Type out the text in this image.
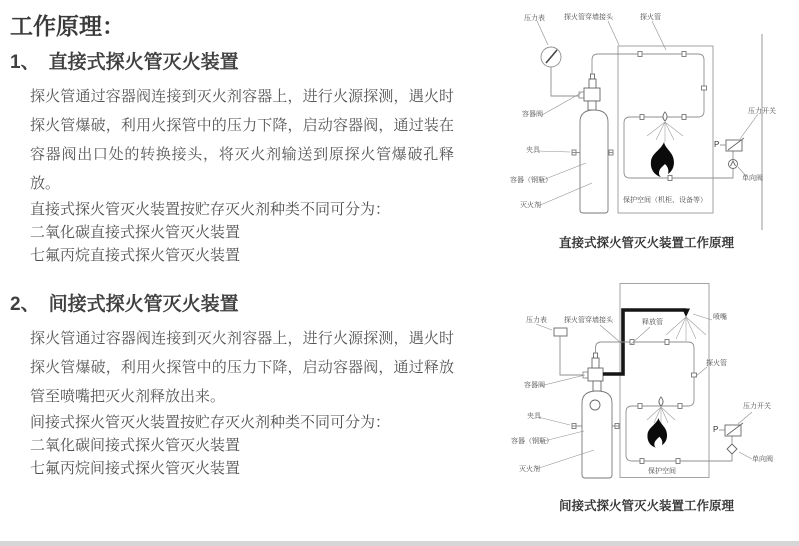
工作原理：
1、 直接式探火管灭火装置

探火管通过容器阀连接到灭火剂容器上，进行火源探测，遇火时探火管爆破，利用火探管中的压力下降，启动容器阀，通过装在容器阀出口处的转换接头，将灭火剂输送到原探火管爆破孔释放。

直接式探火管灭火装置按贮存灭火剂种类不同可分为：
二氧化碳直接式探火管灭火装置
七氟丙烷直接式探火管灭火装置
2、 间接式探火管灭火装置

探火管通过容器阀连接到灭火剂容器上，进行火源探测，遇火时探火管爆破，利用火探管中的压力下降，启动容器阀，通过释放管至喷嘴把灭火剂释放出来。

间接式探火管灭火装置按贮存灭火剂种类不同可分为：
二氧化碳间接式探火管灭火装置
七氟丙烷间接式探火管灭火装置
压力表	探火管穿墙接头	探火管
容器阀
夹具
容器（钢瓶）
灭火剂
保护空间（机柜、设备等）
P
压力开关
单向阀
直接式探火管灭火装置工作原理
压力表 探火管穿墙接头	释放管
喷嘴
探火管
容器阀
夹具
容器（钢瓶）
灭火剂	保护空间
P
压力开关
单向阀
间接式探火管灭火装置工作原理
